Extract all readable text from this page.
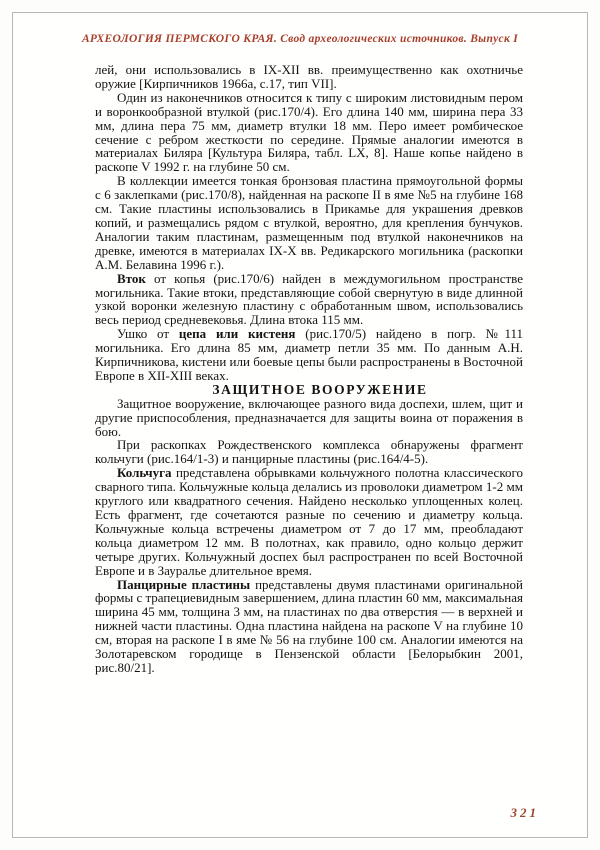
АРХЕОЛОГИЯ ПЕРМСКОГО КРАЯ. Свод археологических источников. Выпуск I

лей, они использовались в IX-XII вв. преимущественно как охотничье оружие [Кирпичников 1966а, с.17, тип VII].

Один из наконечников относится к типу с широким листовидным пером и воронкообразной втулкой (рис.170/4). Его длина 140 мм, ширина пера 33 мм, длина пера 75 мм, диаметр втулки 18 мм. Перо имеет ромбическое сечение с ребром жесткости по середине. Прямые аналогии имеются в материалах Биляра [Культура Биляра, табл. LX, 8]. Наше копье найдено в раскопе V 1992 г. на глубине 50 см.

В коллекции имеется тонкая бронзовая пластина прямоугольной формы с 6 заклепками (рис.170/8), найденная на раскопе II в яме №5 на глубине 168 см. Такие пластины использовались в Прикамье для украшения древков копий, и размещались рядом с втулкой, вероятно, для крепления бунчуков. Аналогии таким пластинам, размещенным под втулкой наконечников на древке, имеются в материалах IX-X вв. Редикарского могильника (раскопки А.М. Белавина 1996 г.).

Вток от копья (рис.170/6) найден в междумогильном пространстве могильника. Такие втоки, представляющие собой свернутую в виде длинной узкой воронки железную пластину с обработанным швом, использовались весь период средневековья. Длина втока 115 мм.

Ушко от цепа или кистеня (рис.170/5) найдено в погр. №111 могильника. Его длина 85 мм, диаметр петли 35 мм. По данным А.Н. Кирпичникова, кистени или боевые цепы были распространены в Восточной Европе в XII-XIII веках.

ЗАЩИТНОЕ ВООРУЖЕНИЕ

Защитное вооружение, включающее разного вида доспехи, шлем, щит и другие приспособления, предназначается для защиты воина от поражения в бою.

При раскопках Рождественского комплекса обнаружены фрагмент кольчуги (рис.164/1-3) и панцирные пластины (рис.164/4-5).

Кольчуга представлена обрывками кольчужного полотна классического сварного типа. Кольчужные кольца делались из проволоки диаметром 1-2 мм круглого или квадратного сечения. Найдено несколько уплощенных колец. Есть фрагмент, где сочетаются разные по сечению и диаметру кольца. Кольчужные кольца встречены диаметром от 7 до 17 мм, преобладают кольца диаметром 12 мм. В полотнах, как правило, одно кольцо держит четыре других. Кольчужный доспех был распространен по всей Восточной Европе и в Зауралье длительное время.

Панцирные пластины представлены двумя пластинами оригинальной формы с трапециевидным завершением, длина пластин 60 мм, максимальная ширина 45 мм, толщина 3 мм, на пластинах по два отверстия — в верхней и нижней части пластины. Одна пластина найдена на раскопе V на глубине 10 см, вторая на раскопе I в яме № 56 на глубине 100 см. Аналогии имеются на Золотаревском городище в Пензенской области [Белорыбкин 2001, рис.80/21].

321
